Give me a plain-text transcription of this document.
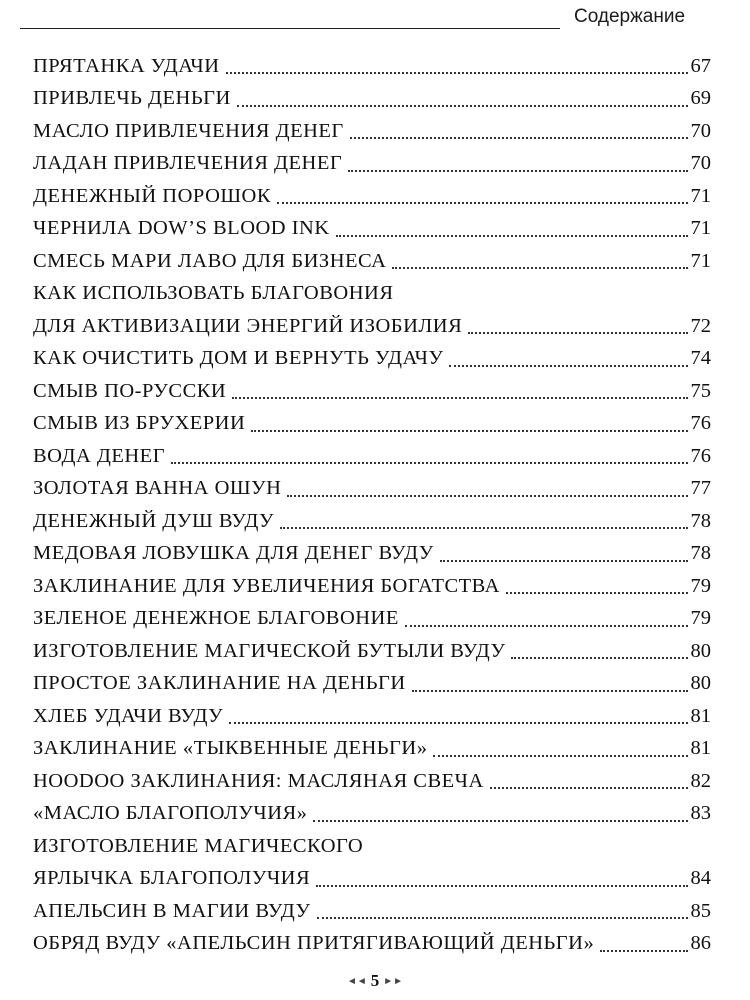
Содержание
ПРЯТАНКА УДАЧИ	67
ПРИВЛЕЧЬ ДЕНЬГИ	69
МАСЛО ПРИВЛЕЧЕНИЯ ДЕНЕГ	70
ЛАДАН ПРИВЛЕЧЕНИЯ ДЕНЕГ	70
ДЕНЕЖНЫЙ ПОРОШОК	71
ЧЕРНИЛА DOW’S BLOOD INK	71
СМЕСЬ МАРИ ЛАВО ДЛЯ БИЗНЕСА	71
КАК ИСПОЛЬЗОВАТЬ БЛАГОВОНИЯ
ДЛЯ АКТИВИЗАЦИИ ЭНЕРГИЙ ИЗОБИЛИЯ	72
КАК ОЧИСТИТЬ ДОМ И ВЕРНУТЬ УДАЧУ	74
СМЫВ ПО-РУССКИ	75
СМЫВ ИЗ БРУХЕРИИ	76
ВОДА ДЕНЕГ	76
ЗОЛОТАЯ ВАННА ОШУН	77
ДЕНЕЖНЫЙ ДУШ ВУДУ	78
МЕДОВАЯ ЛОВУШКА ДЛЯ ДЕНЕГ ВУДУ	78
ЗАКЛИНАНИЕ ДЛЯ УВЕЛИЧЕНИЯ БОГАТСТВА	79
ЗЕЛЕНОЕ ДЕНЕЖНОЕ БЛАГОВОНИЕ	79
ИЗГОТОВЛЕНИЕ МАГИЧЕСКОЙ БУТЫЛИ ВУДУ	80
ПРОСТОЕ ЗАКЛИНАНИЕ НА ДЕНЬГИ	80
ХЛЕБ УДАЧИ ВУДУ	81
ЗАКЛИНАНИЕ «ТЫКВЕННЫЕ ДЕНЬГИ»	81
HOODOO ЗАКЛИНАНИЯ: МАСЛЯНАЯ СВЕЧА	82
«МАСЛО БЛАГОПОЛУЧИЯ»	83
ИЗГОТОВЛЕНИЕ МАГИЧЕСКОГО
ЯРЛЫЧКА БЛАГОПОЛУЧИЯ	84
АПЕЛЬСИН В МАГИИ ВУДУ	85
ОБРЯД ВУДУ «АПЕЛЬСИН ПРИТЯГИВАЮЩИЙ ДЕНЬГИ»	86
◄◄ 5 ►►
